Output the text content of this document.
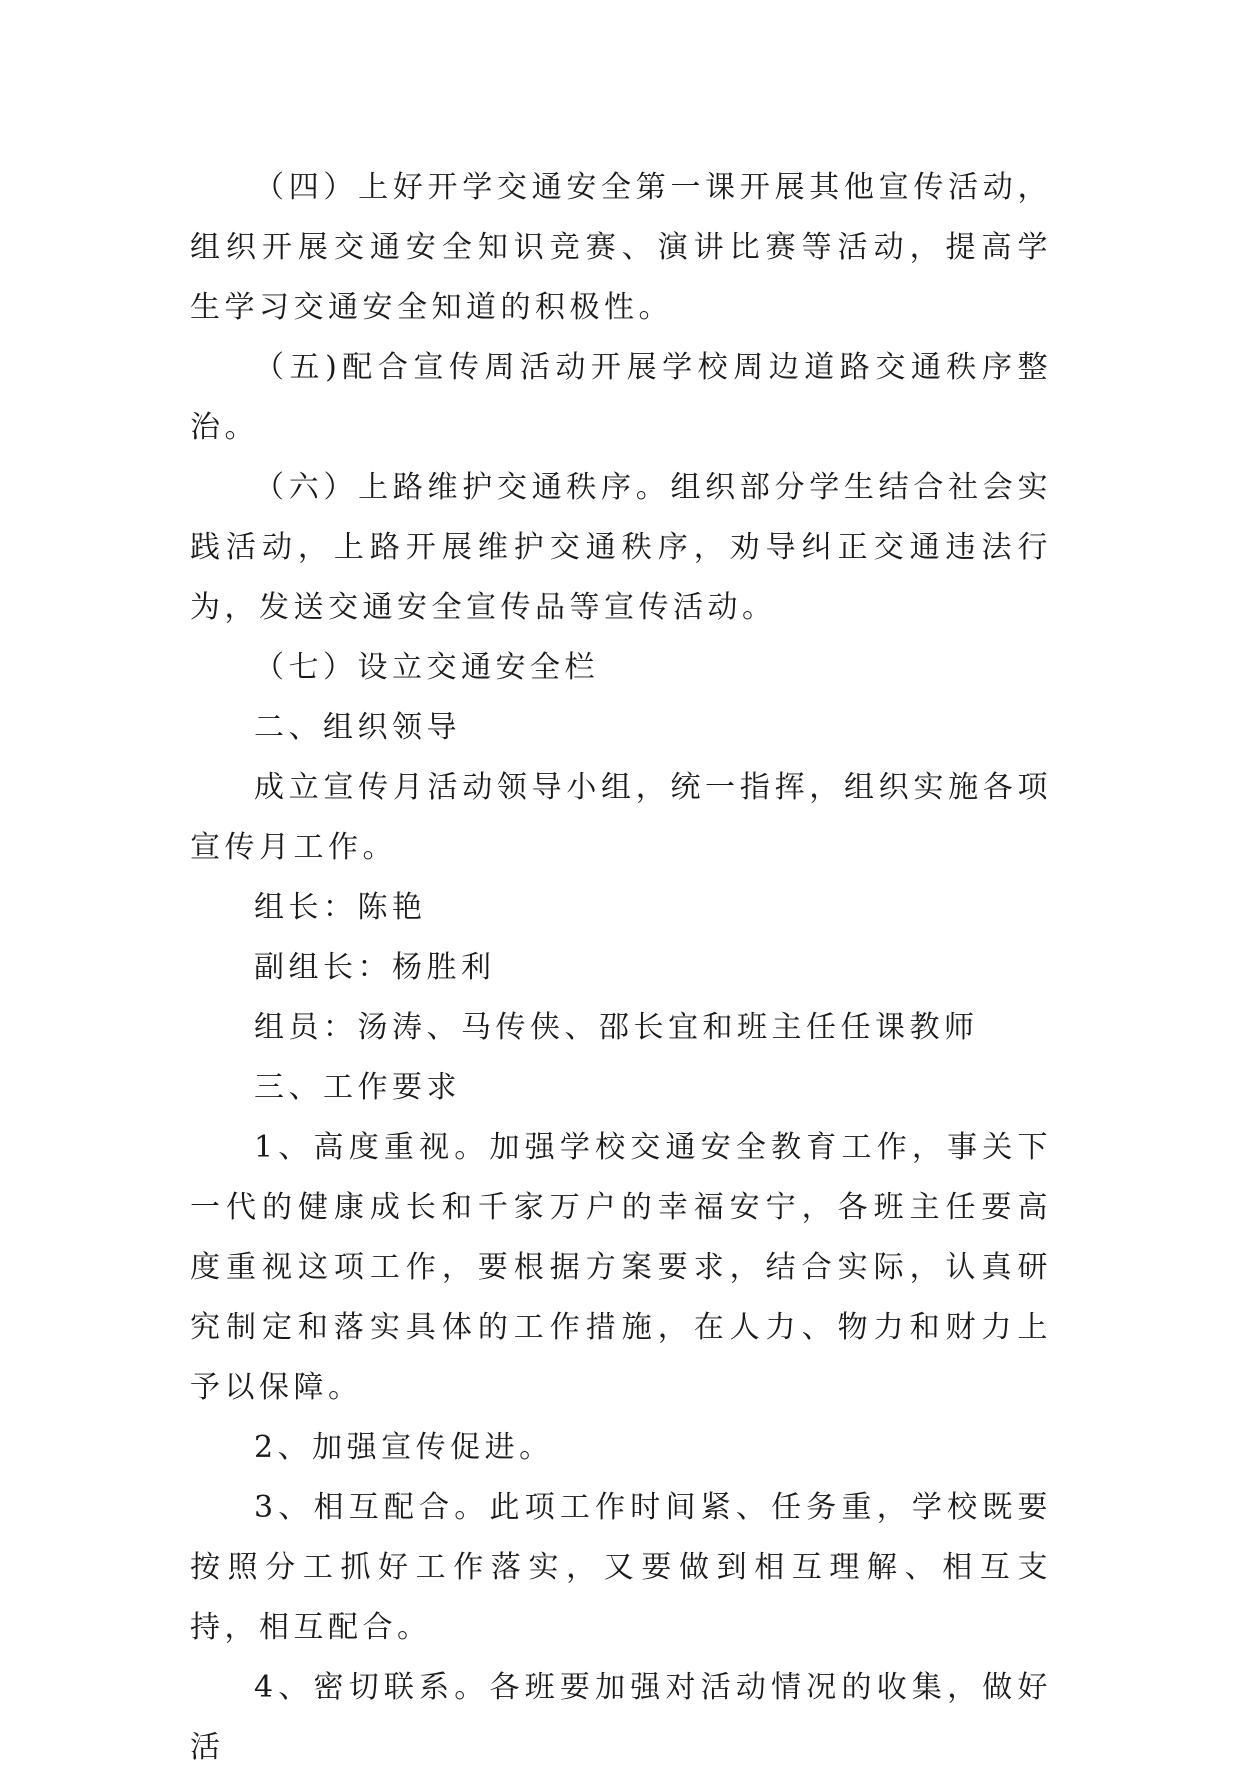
（四）上好开学交通安全第一课开展其他宣传活动，组织开展交通安全知识竞赛、演讲比赛等活动，提高学生学习交通安全知道的积极性。

（五)配合宣传周活动开展学校周边道路交通秩序整治。

（六）上路维护交通秩序。组织部分学生结合社会实践活动，上路开展维护交通秩序，劝导纠正交通违法行为，发送交通安全宣传品等宣传活动。

（七）设立交通安全栏

二、组织领导

成立宣传月活动领导小组，统一指挥，组织实施各项宣传月工作。

组长：陈艳

副组长：杨胜利

组员：汤涛、马传侠、邵长宜和班主任任课教师

三、工作要求

1、高度重视。加强学校交通安全教育工作，事关下一代的健康成长和千家万户的幸福安宁，各班主任要高度重视这项工作，要根据方案要求，结合实际，认真研究制定和落实具体的工作措施，在人力、物力和财力上予以保障。

2、加强宣传促进。

3、相互配合。此项工作时间紧、任务重，学校既要按照分工抓好工作落实，又要做到相互理解、相互支持，相互配合。

4、密切联系。各班要加强对活动情况的收集，做好活
